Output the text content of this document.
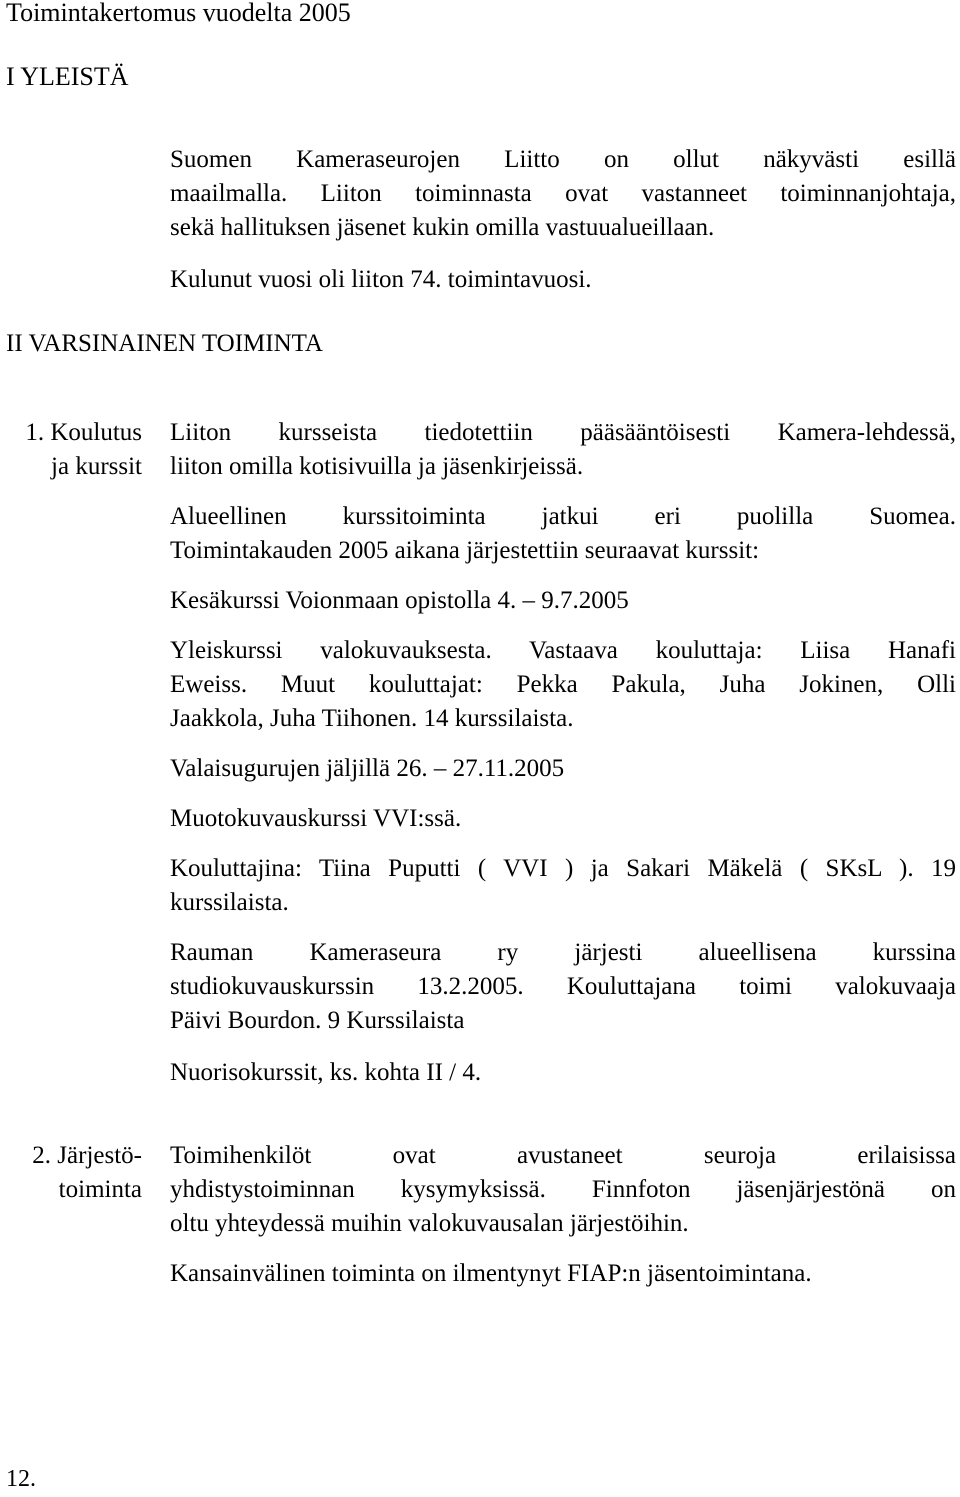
Toimintakertomus vuodelta 2005
I YLEISTÄ
Suomen Kameraseurojen Liitto on ollut näkyvästi esillä
maailmalla. Liiton toiminnasta ovat vastanneet toiminnanjohtaja,
sekä hallituksen jäsenet kukin omilla vastuualueillaan.
Kulunut vuosi oli liiton 74. toimintavuosi.
II VARSINAINEN TOIMINTA
1. Koulutus
ja kurssit
Liiton kursseista tiedotettiin pääsääntöisesti Kamera-lehdessä,
liiton omilla kotisivuilla ja jäsenkirjeissä.
Alueellinen kurssitoiminta jatkui eri puolilla Suomea.
Toimintakauden 2005 aikana järjestettiin seuraavat kurssit:
Kesäkurssi Voionmaan opistolla 4. – 9.7.2005
Yleiskurssi valokuvauksesta. Vastaava kouluttaja: Liisa Hanafi
Eweiss. Muut kouluttajat: Pekka Pakula, Juha Jokinen, Olli
Jaakkola, Juha Tiihonen. 14 kurssilaista.
Valaisugurujen jäljillä 26. – 27.11.2005
Muotokuvauskurssi VVI:ssä.
Kouluttajina: Tiina Puputti ( VVI ) ja Sakari Mäkelä ( SKsL ). 19
kurssilaista.
Rauman Kameraseura ry järjesti alueellisena kurssina
studiokuvauskurssin 13.2.2005. Kouluttajana toimi valokuvaaja
Päivi Bourdon. 9 Kurssilaista
Nuorisokurssit, ks. kohta II / 4.
2. Järjestö-
toiminta
Toimihenkilöt ovat avustaneet seuroja erilaisissa
yhdistystoiminnan kysymyksissä. Finnfoton jäsenjärjestönä on
oltu yhteydessä muihin valokuvausalan järjestöihin.
Kansainvälinen toiminta on ilmentynyt FIAP:n jäsentoimintana.
12.
